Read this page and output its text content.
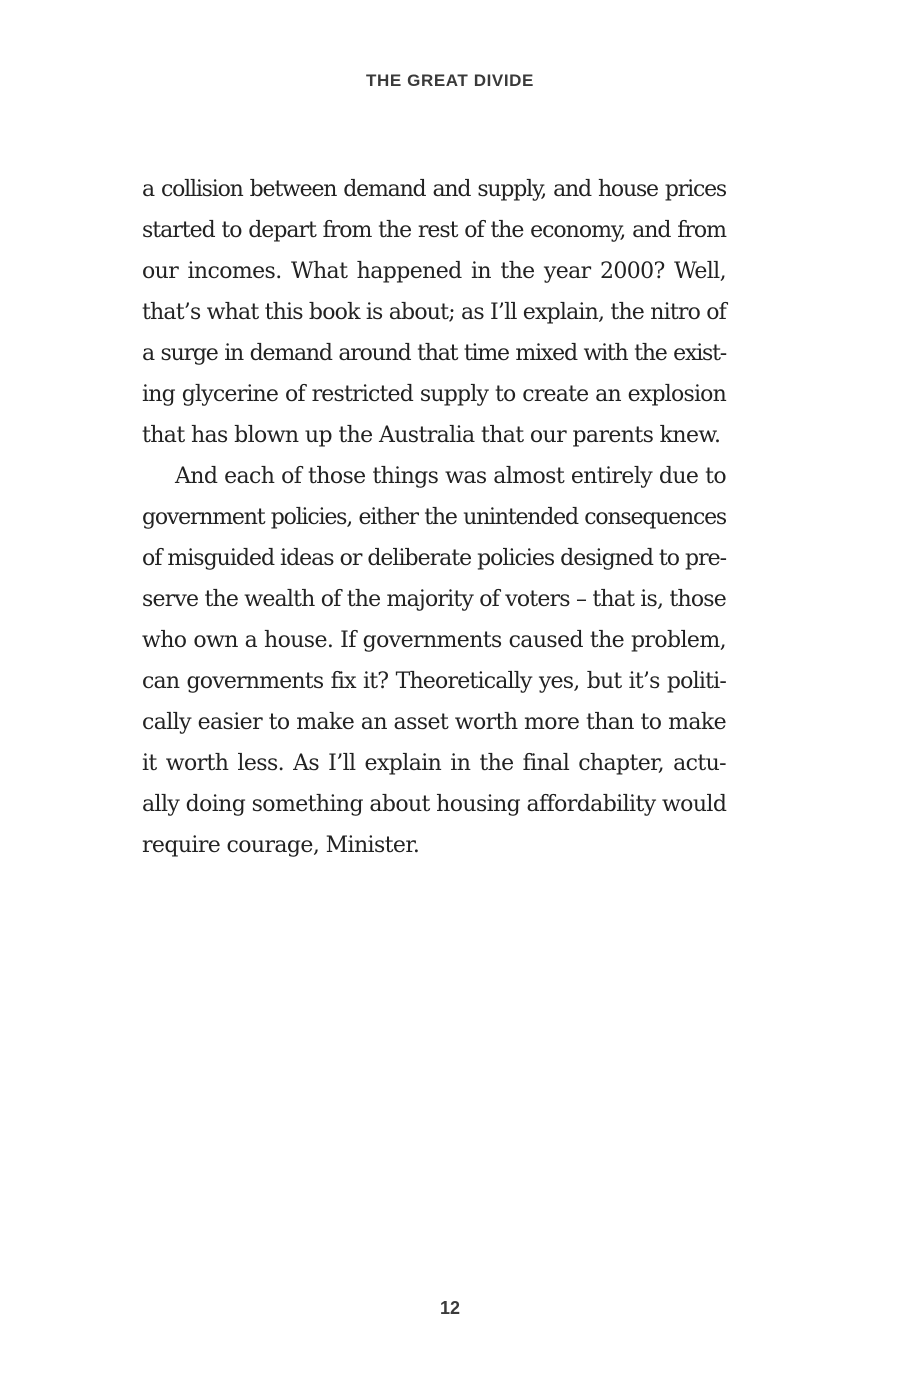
THE GREAT DIVIDE
a collision between demand and supply, and house prices
started to depart from the rest of the economy, and from
our incomes. What happened in the year 2000? Well,
that’s what this book is about; as I’ll explain, the nitro of
a surge in demand around that time mixed with the exist-
ing glycerine of restricted supply to create an explosion
that has blown up the Australia that our parents knew.
And each of those things was almost entirely due to
government policies, either the unintended consequences
of misguided ideas or deliberate policies designed to pre-
serve the wealth of the majority of voters – that is, those
who own a house. If governments caused the problem,
can governments fix it? Theoretically yes, but it’s politi-
cally easier to make an asset worth more than to make
it worth less. As I’ll explain in the final chapter, actu-
ally doing something about housing affordability would
require courage, Minister.
12
